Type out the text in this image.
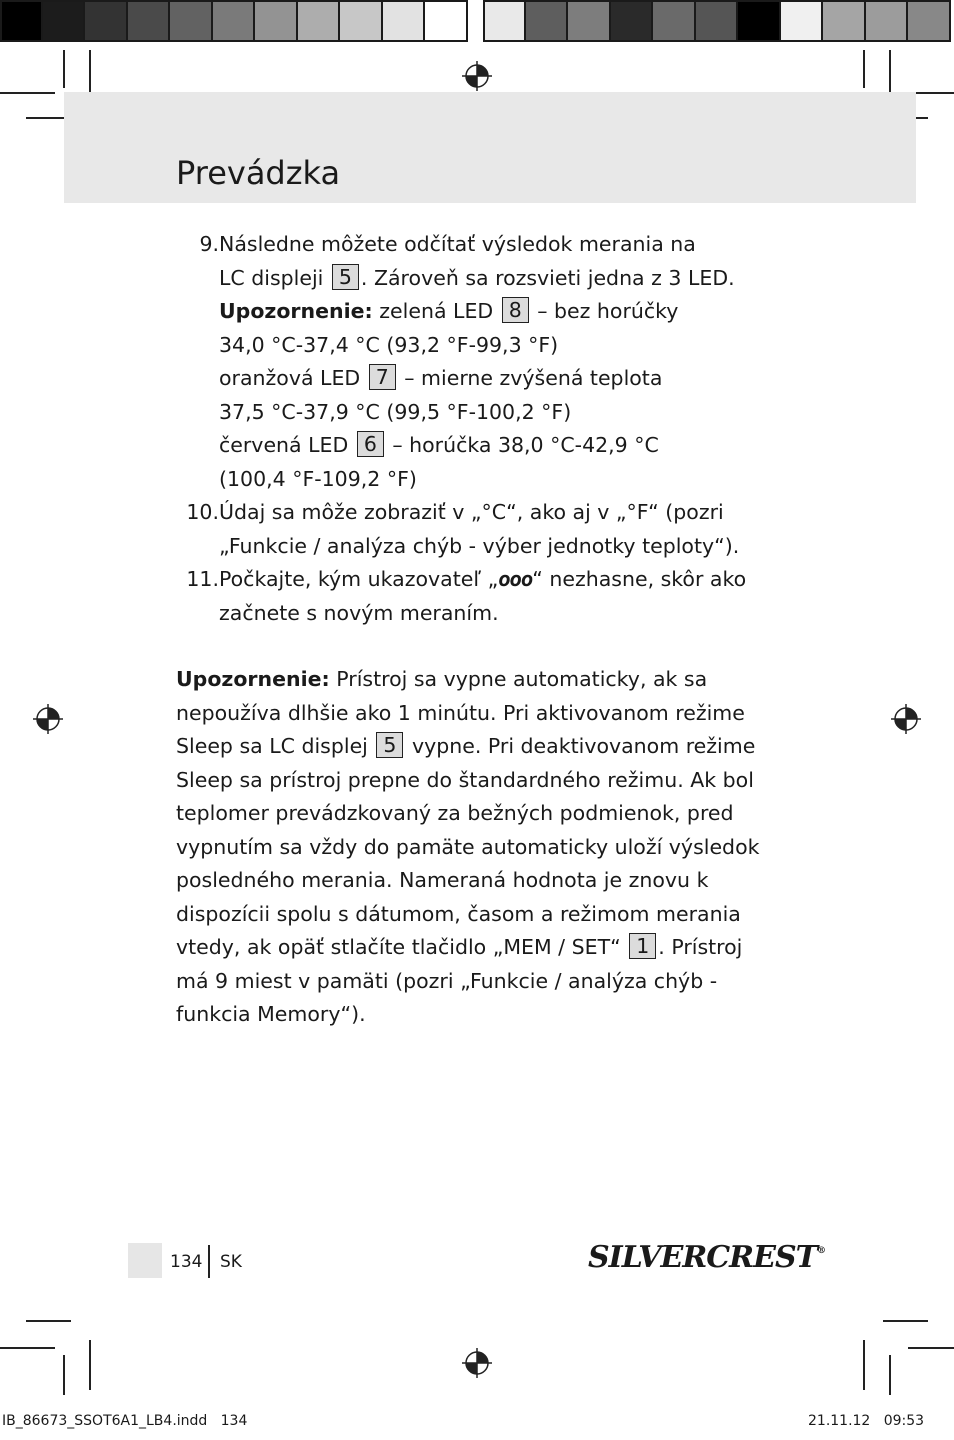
Prevádzka
9. Následne môžete odčítať výsledok merania na
LC displeji 5 . Zároveň sa rozsvieti jedna z 3 LED.
Upozornenie: zelená LED 8 – bez horúčky
34,0 °C-37,4 °C (93,2 °F-99,3 °F)
oranžová LED 7 – mierne zvýšená teplota
37,5 °C-37,9 °C (99,5 °F-100,2 °F)
červená LED 6 – horúčka 38,0 °C-42,9 °C
(100,4 °F-109,2 °F)
10. Údaj sa môže zobraziť v „°C“, ako aj v „°F“ (pozri
„Funkcie / analýza chýb - výber jednotky teploty“).
11. Počkajte, kým ukazovateľ „ooo“ nezhasne, skôr ako
začnete s novým meraním.
Upozornenie: Prístroj sa vypne automaticky, ak sa
nepoužíva dlhšie ako 1 minútu. Pri aktivovanom režime
Sleep sa LC displej 5 vypne. Pri deaktivovanom režime
Sleep sa prístroj prepne do štandardného režimu. Ak bol
teplomer prevádzkovaný za bežných podmienok, pred
vypnutím sa vždy do pamäte automaticky uloží výsledok
posledného merania. Nameraná hodnota je znovu k
dispozícii spolu s dátumom, časom a režimom merania
vtedy, ak opäť stlačíte tlačidlo „MEM / SET“ 1 . Prístroj
má 9 miest v pamäti (pozri „Funkcie / analýza chýb -
funkcia Memory“).
134 SK	SILVERCREST®
IB_86673_SSOT6A1_LB4.indd   134	21.11.12   09:53
